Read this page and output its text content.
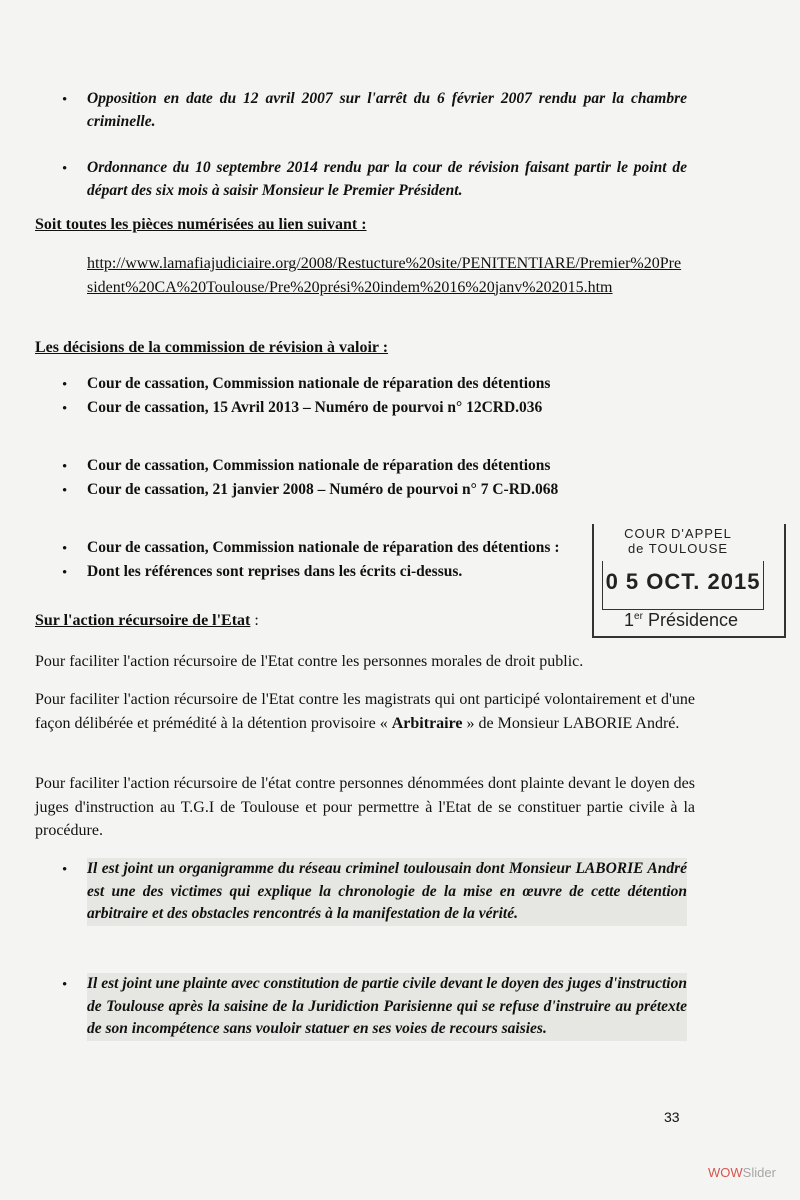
• Opposition en date du 12 avril 2007 sur l'arrêt du 6 février 2007 rendu par la chambre criminelle.
• Ordonnance du 10 septembre 2014 rendu par la cour de révision faisant partir le point de départ des six mois à saisir Monsieur le Premier Président.
Soit toutes les pièces numérisées au lien suivant :
http://www.lamafiajudiciaire.org/2008/Restucture%20site/PENITENTIARE/Premier%20President%20CA%20Toulouse/Pre%20prési%20indem%2016%20janv%202015.htm
Les décisions de la commission de révision à valoir :
• Cour de cassation, Commission nationale de réparation des détentions
• Cour de cassation, 15 Avril 2013 – Numéro de pourvoi n° 12CRD.036
• Cour de cassation, Commission nationale de réparation des détentions
• Cour de cassation, 21 janvier 2008 – Numéro de pourvoi n° 7 C-RD.068
• Cour de cassation, Commission nationale de réparation des détentions :
• Dont les références sont reprises dans les écrits ci-dessus.
COUR D'APPEL
de TOULOUSE
0 5 OCT. 2015
1er Présidence
Sur l'action récursoire de l'Etat :
Pour faciliter l'action récursoire de l'Etat contre les personnes morales de droit public.
Pour faciliter l'action récursoire de l'Etat contre les magistrats qui ont participé volontairement et d'une façon délibérée et prémédité à la détention provisoire « Arbitraire » de Monsieur LABORIE André.
Pour faciliter l'action récursoire de l'état contre personnes dénommées dont plainte devant le doyen des juges d'instruction au T.G.I de Toulouse et pour permettre à l'Etat de se constituer partie civile à la procédure.
• Il est joint un organigramme du réseau criminel toulousain dont Monsieur LABORIE André est une des victimes qui explique la chronologie de la mise en œuvre de cette détention arbitraire et des obstacles rencontrés à la manifestation de la vérité.
• Il est joint une plainte avec constitution de partie civile devant le doyen des juges d'instruction de Toulouse après la saisine de la Juridiction Parisienne qui se refuse d'instruire au prétexte de son incompétence sans vouloir statuer en ses voies de recours saisies.
33
WOWSlider
